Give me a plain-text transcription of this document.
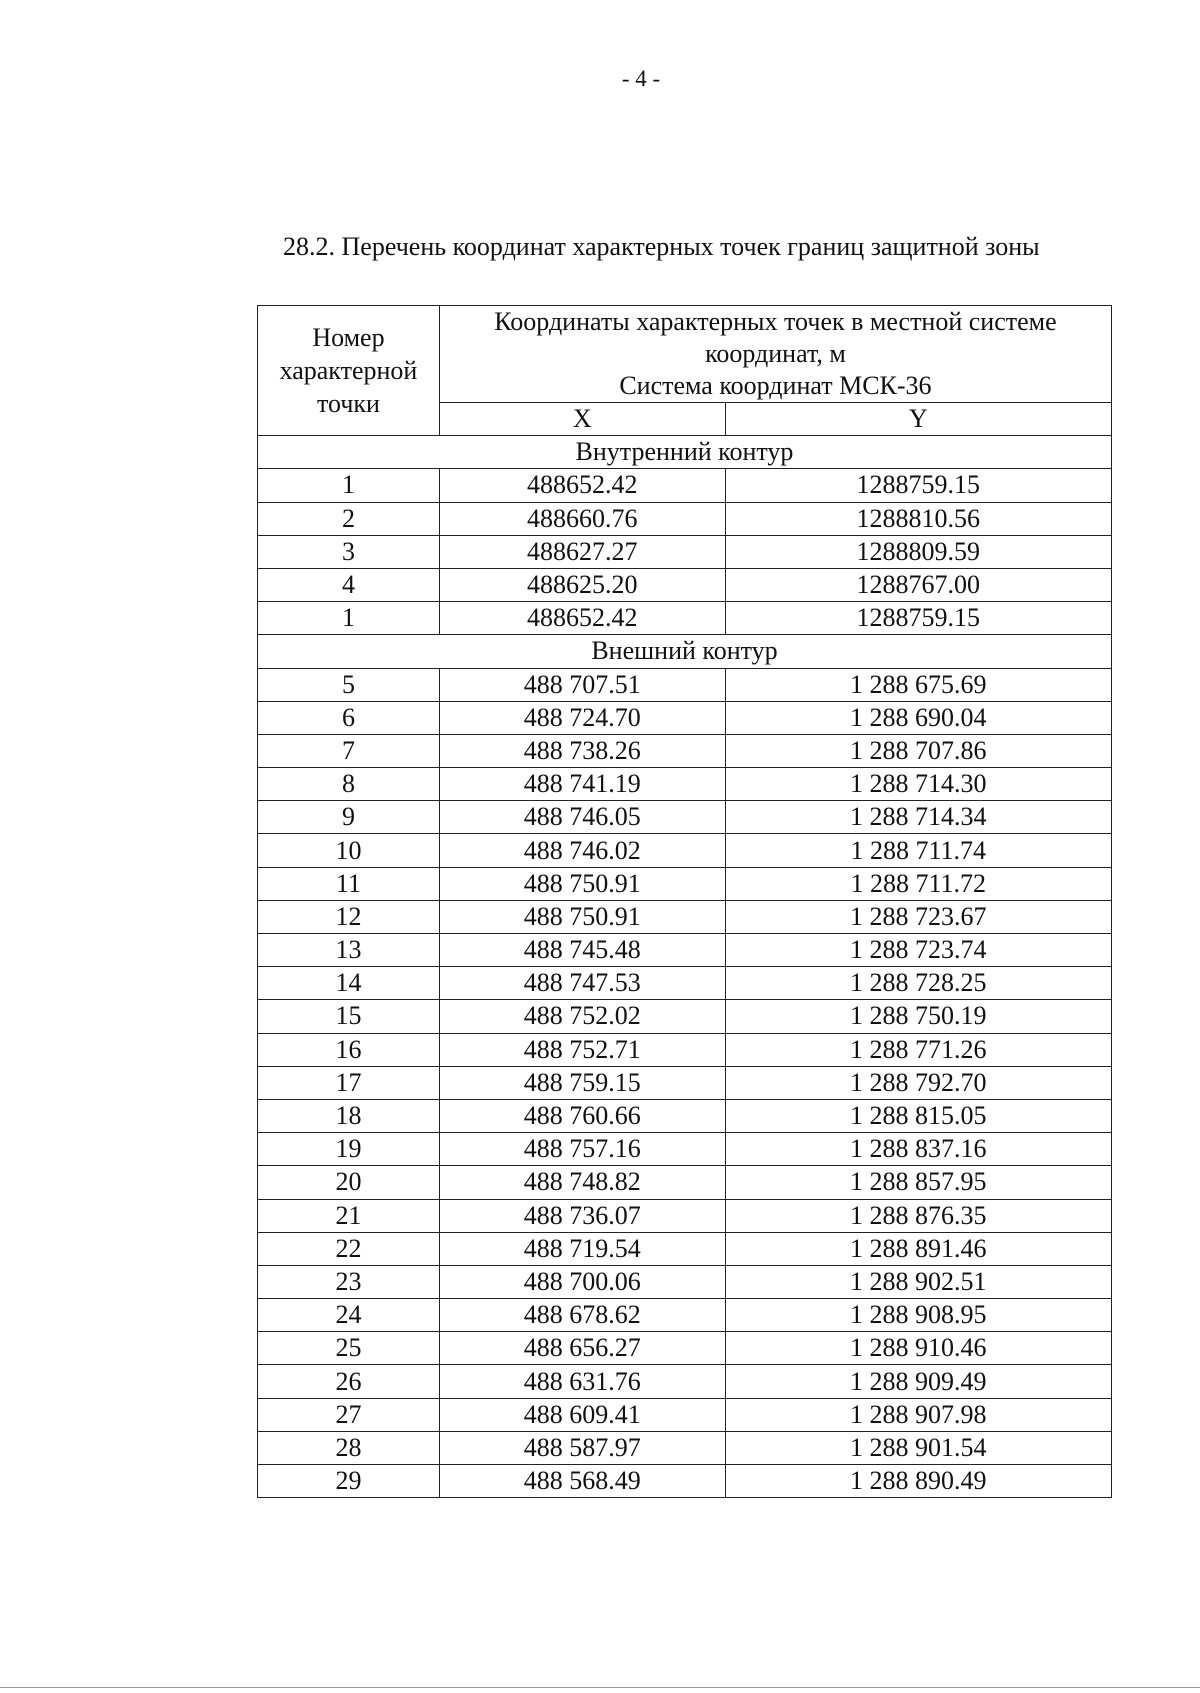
- 4 -
28.2. Перечень координат характерных точек границ защитной зоны
Номер
характерной
точки	Координаты характерных точек в местной системе
координат, м
Система координат МСК-36	
	X	Y
Внутренний контур		
1	488652.42	1288759.15
2	488660.76	1288810.56
3	488627.27	1288809.59
4	488625.20	1288767.00
1	488652.42	1288759.15
Внешний контур		
5	488 707.51	1 288 675.69
6	488 724.70	1 288 690.04
7	488 738.26	1 288 707.86
8	488 741.19	1 288 714.30
9	488 746.05	1 288 714.34
10	488 746.02	1 288 711.74
11	488 750.91	1 288 711.72
12	488 750.91	1 288 723.67
13	488 745.48	1 288 723.74
14	488 747.53	1 288 728.25
15	488 752.02	1 288 750.19
16	488 752.71	1 288 771.26
17	488 759.15	1 288 792.70
18	488 760.66	1 288 815.05
19	488 757.16	1 288 837.16
20	488 748.82	1 288 857.95
21	488 736.07	1 288 876.35
22	488 719.54	1 288 891.46
23	488 700.06	1 288 902.51
24	488 678.62	1 288 908.95
25	488 656.27	1 288 910.46
26	488 631.76	1 288 909.49
27	488 609.41	1 288 907.98
28	488 587.97	1 288 901.54
29	488 568.49	1 288 890.49
